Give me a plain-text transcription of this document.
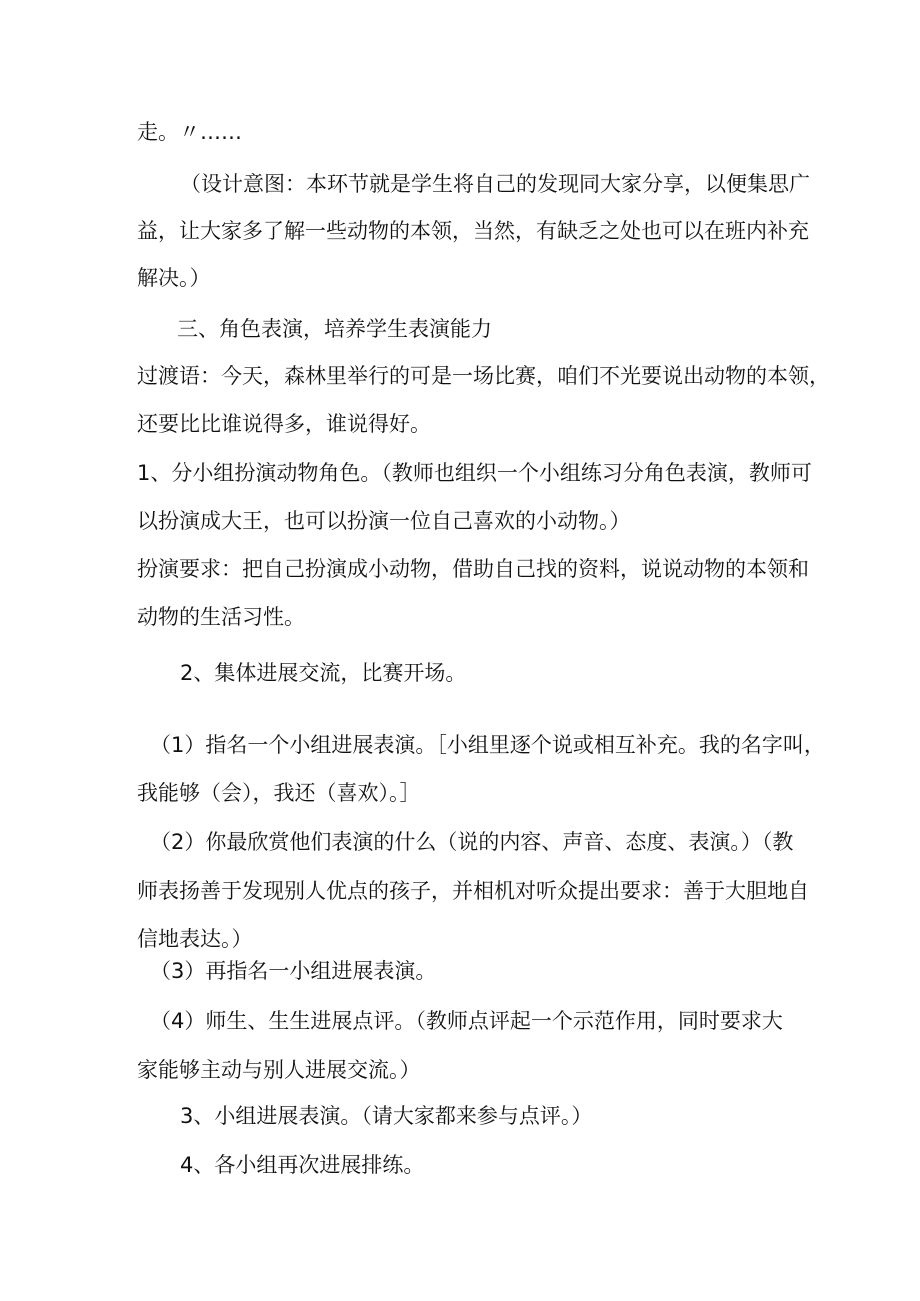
走。〃……
（设计意图：本环节就是学生将自己的发现同大家分享，以便集思广
益，让大家多了解一些动物的本领，当然，有缺乏之处也可以在班内补充
解决。）
三、角色表演，培养学生表演能力
过渡语：今天，森林里举行的可是一场比赛，咱们不光要说出动物的本领，
还要比比谁说得多，谁说得好。
1、分小组扮演动物角色。（教师也组织一个小组练习分角色表演，教师可
以扮演成大王，也可以扮演一位自己喜欢的小动物。）
扮演要求：把自己扮演成小动物，借助自己找的资料，说说动物的本领和
动物的生活习性。
2、集体进展交流，比赛开场。
（1）指名一个小组进展表演。［小组里逐个说或相互补充。我的名字叫，
我能够（会），我还（喜欢）。］
（2）你最欣赏他们表演的什么（说的内容、声音、态度、表演。）（教
师表扬善于发现别人优点的孩子，并相机对听众提出要求：善于大胆地自
信地表达。）
（3）再指名一小组进展表演。
（4）师生、生生进展点评。（教师点评起一个示范作用，同时要求大
家能够主动与别人进展交流。）
3、小组进展表演。（请大家都来参与点评。）
4、各小组再次进展排练。
